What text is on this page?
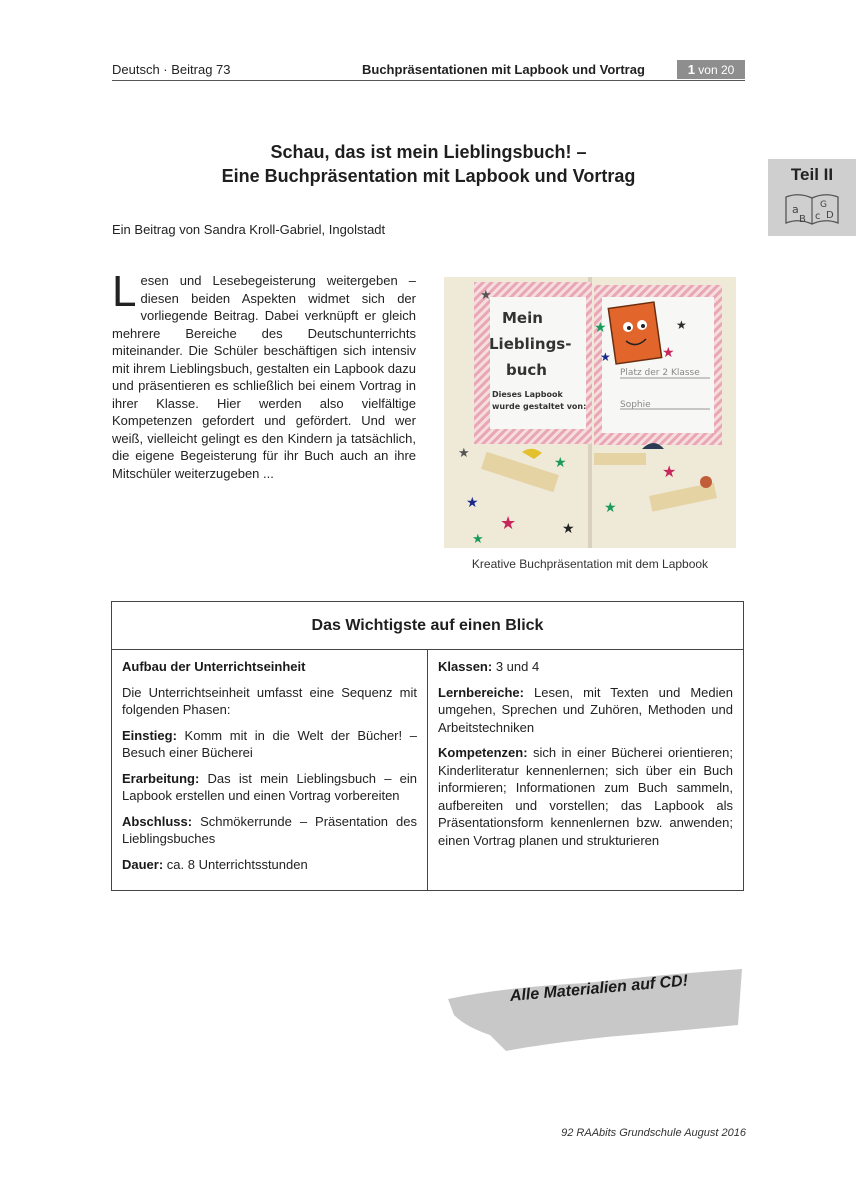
Deutsch · Beitrag 73	Buchpräsentationen mit Lapbook und Vortrag	1 von 20
Teil II
a
B
G
c D
Schau, das ist mein Lieblingsbuch! –
Eine Buchpräsentation mit Lapbook und Vortrag
Ein Beitrag von Sandra Kroll-Gabriel, Ingolstadt
Lesen und Lesebegeisterung weitergeben – diesen beiden Aspekten widmet sich der vorliegende Beitrag. Dabei verknüpft er gleich mehrere Bereiche des Deutschunterrichts miteinander. Die Schüler beschäftigen sich intensiv mit ihrem Lieblingsbuch, gestalten ein Lapbook dazu und präsentieren es schließlich bei einem Vortrag in ihrer Klasse. Hier werden also vielfältige Kompetenzen gefordert und gefördert. Und wer weiß, vielleicht gelingt es den Kindern ja tatsächlich, die eigene Begeisterung für ihr Buch auch an ihre Mitschüler weiterzugeben ...
Mein
Lieblings-
buch
Dieses Lapbook
wurde gestaltet von:
Platz der 2 Klasse
Sophie
★
★
★
★
★
★
★
★	★
★
★
★
★
Kreative Buchpräsentation mit dem Lapbook
Das Wichtigste auf einen Blick

Aufbau der Unterrichtseinheit

Die Unterrichtseinheit umfasst eine Sequenz mit folgenden Phasen:

Einstieg: Komm mit in die Welt der Bücher! – Besuch einer Bücherei

Erarbeitung: Das ist mein Lieblingsbuch – ein Lapbook erstellen und einen Vortrag vorbereiten

Abschluss: Schmökerrunde – Präsentation des Lieblingsbuches

Dauer: ca. 8 Unterrichtsstunden

Klassen: 3 und 4

Lernbereiche: Lesen, mit Texten und Medien umgehen, Sprechen und Zuhören, Methoden und Arbeitstechniken

Kompetenzen: sich in einer Bücherei orientieren; Kinderliteratur kennenlernen; sich über ein Buch informieren; Informationen zum Buch sammeln, aufbereiten und vorstellen; das Lapbook als Präsentationsform kennenlernen bzw. anwenden; einen Vortrag planen und strukturieren

Alle Materialien auf CD!
92 RAAbits Grundschule August 2016
